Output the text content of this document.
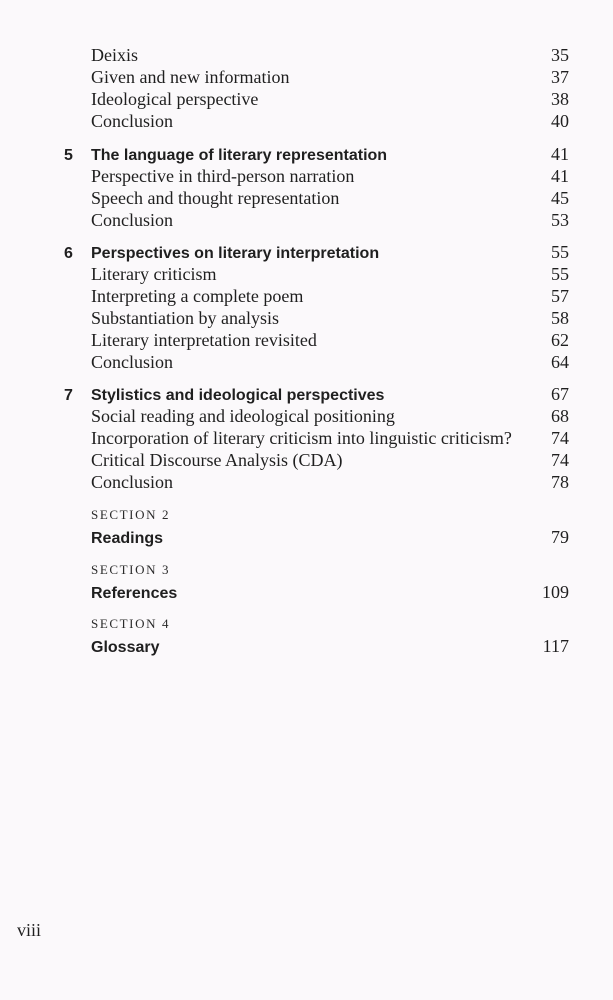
Deixis	35
Given and new information	37
Ideological perspective	38
Conclusion	40
5	The language of literary representation	41
Perspective in third-person narration	41
Speech and thought representation	45
Conclusion	53
6	Perspectives on literary interpretation	55
Literary criticism	55
Interpreting a complete poem	57
Substantiation by analysis	58
Literary interpretation revisited	62
Conclusion	64
7	Stylistics and ideological perspectives	67
Social reading and ideological positioning	68
Incorporation of literary criticism into linguistic criticism? 74
Critical Discourse Analysis (CDA)	74
Conclusion	78
SECTION 2
Readings	79
SECTION 3
References	109
SECTION 4
Glossary	117
viii
